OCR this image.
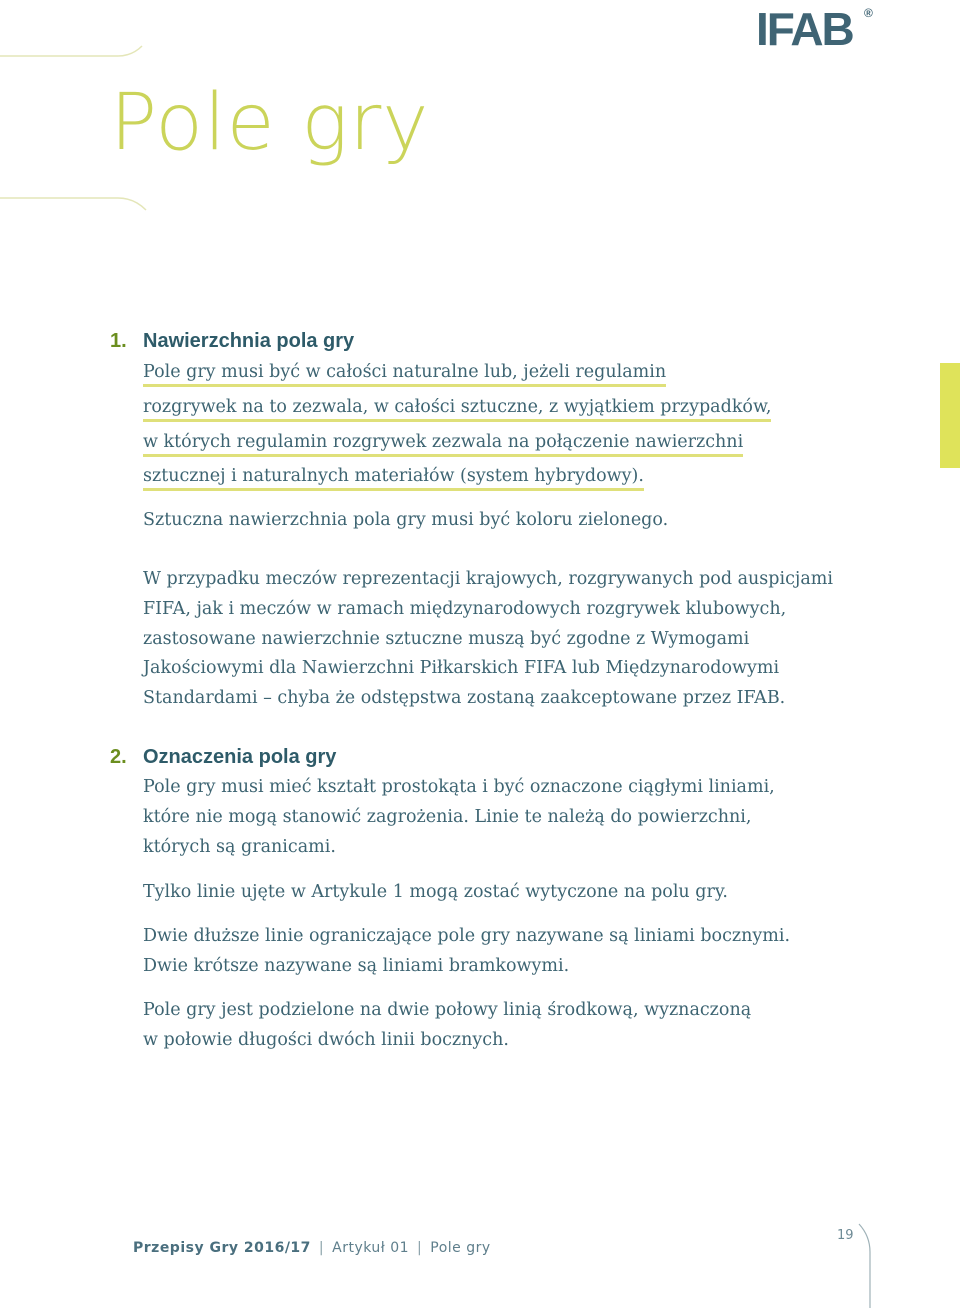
IFAB ®
Pole gry
1. Nawierzchnia pola gry
Pole gry musi być w całości naturalne lub, jeżeli regulamin
rozgrywek na to zezwala, w całości sztuczne, z wyjątkiem przypadków,
w których regulamin rozgrywek zezwala na połączenie nawierzchni
sztucznej i naturalnych materiałów (system hybrydowy).
Sztuczna nawierzchnia pola gry musi być koloru zielonego.
W przypadku meczów reprezentacji krajowych, rozgrywanych pod auspicjami
FIFA, jak i meczów w ramach międzynarodowych rozgrywek klubowych,
zastosowane nawierzchnie sztuczne muszą być zgodne z Wymogami
Jakościowymi dla Nawierzchni Piłkarskich FIFA lub Międzynarodowymi
Standardami – chyba że odstępstwa zostaną zaakceptowane przez IFAB.
2. Oznaczenia pola gry
Pole gry musi mieć kształt prostokąta i być oznaczone ciągłymi liniami,
które nie mogą stanowić zagrożenia. Linie te należą do powierzchni,
których są granicami.
Tylko linie ujęte w Artykule 1 mogą zostać wytyczone na polu gry.
Dwie dłuższe linie ograniczające pole gry nazywane są liniami bocznymi.
Dwie krótsze nazywane są liniami bramkowymi.
Pole gry jest podzielone na dwie połowy linią środkową, wyznaczoną
w połowie długości dwóch linii bocznych.
Przepisy Gry 2016/17 | Artykuł 01 | Pole gry
19
